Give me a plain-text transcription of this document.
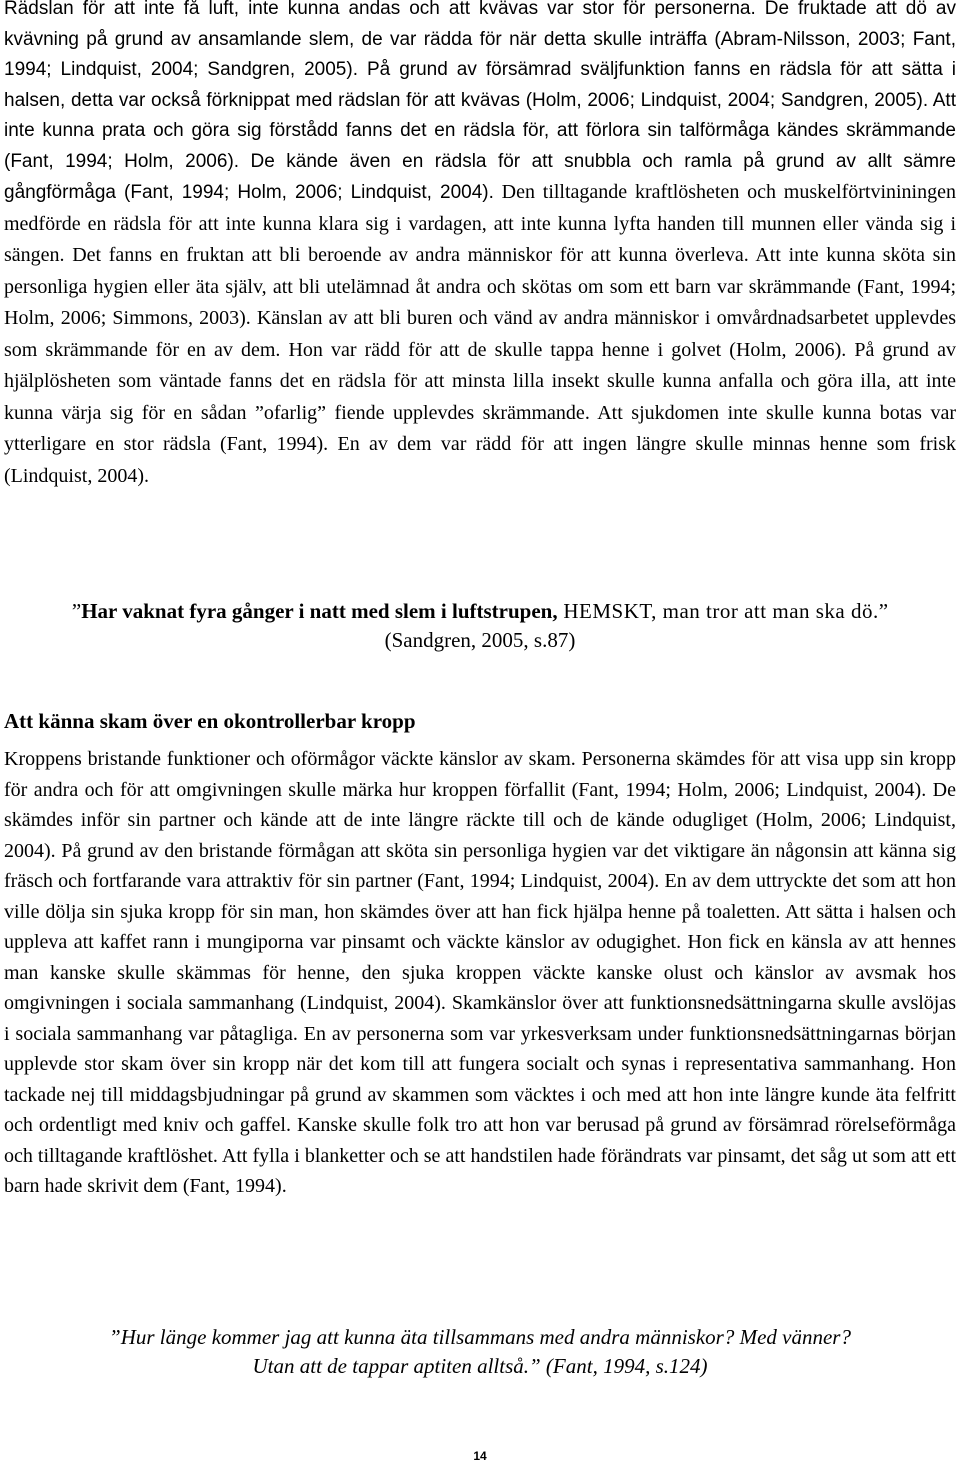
Rädslan för att inte få luft, inte kunna andas och att kvävas var stor för personerna. De fruktade att dö av kvävning på grund av ansamlande slem, de var rädda för när detta skulle inträffa (Abram-Nilsson, 2003; Fant, 1994; Lindquist, 2004; Sandgren, 2005). På grund av försämrad sväljfunktion fanns en rädsla för att sätta i halsen, detta var också förknippat med rädslan för att kvävas (Holm, 2006; Lindquist, 2004; Sandgren, 2005). Att inte kunna prata och göra sig förstådd fanns det en rädsla för, att förlora sin talförmåga kändes skrämmande (Fant, 1994; Holm, 2006). De kände även en rädsla för att snubbla och ramla på grund av allt sämre gångförmåga (Fant, 1994; Holm, 2006; Lindquist, 2004). Den tilltagande kraftlösheten och muskelförtvininingen medförde en rädsla för att inte kunna klara sig i vardagen, att inte kunna lyfta handen till munnen eller vända sig i sängen. Det fanns en fruktan att bli beroende av andra människor för att kunna överleva. Att inte kunna sköta sin personliga hygien eller äta själv, att bli utelämnad åt andra och skötas om som ett barn var skrämmande (Fant, 1994; Holm, 2006; Simmons, 2003). Känslan av att bli buren och vänd av andra människor i omvårdnadsarbetet upplevdes som skrämmande för en av dem. Hon var rädd för att de skulle tappa henne i golvet (Holm, 2006). På grund av hjälplösheten som väntade fanns det en rädsla för att minsta lilla insekt skulle kunna anfalla och göra illa, att inte kunna värja sig för en sådan ”ofarlig” fiende upplevdes skrämmande. Att sjukdomen inte skulle kunna botas var ytterligare en stor rädsla (Fant, 1994). En av dem var rädd för att ingen längre skulle minnas henne som frisk (Lindquist, 2004).

”Har vaknat fyra gånger i natt med slem i luftstrupen, HEMSKT, man tror att man ska dö.”
(Sandgren, 2005, s.87)

Att känna skam över en okontrollerbar kropp

Kroppens bristande funktioner och oförmågor väckte känslor av skam. Personerna skämdes för att visa upp sin kropp för andra och för att omgivningen skulle märka hur kroppen förfallit (Fant, 1994; Holm, 2006; Lindquist, 2004). De skämdes inför sin partner och kände att de inte längre räckte till och de kände odugliget (Holm, 2006; Lindquist, 2004). På grund av den bristande förmågan att sköta sin personliga hygien var det viktigare än någonsin att känna sig fräsch och fortfarande vara attraktiv för sin partner (Fant, 1994; Lindquist, 2004). En av dem uttryckte det som att hon ville dölja sin sjuka kropp för sin man, hon skämdes över att han fick hjälpa henne på toaletten. Att sätta i halsen och uppleva att kaffet rann i mungiporna var pinsamt och väckte känslor av odugighet. Hon fick en känsla av att hennes man kanske skulle skämmas för henne, den sjuka kroppen väckte kanske olust och känslor av avsmak hos omgivningen i sociala sammanhang (Lindquist, 2004). Skamkänslor över att funktionsnedsättningarna skulle avslöjas i sociala sammanhang var påtagliga. En av personerna som var yrkesverksam under funktionsnedsättningarnas början upplevde stor skam över sin kropp när det kom till att fungera socialt och synas i representativa sammanhang. Hon tackade nej till middagsbjudningar på grund av skammen som väcktes i och med att hon inte längre kunde äta felfritt och ordentligt med kniv och gaffel. Kanske skulle folk tro att hon var berusad på grund av försämrad rörelseförmåga och tilltagande kraftlöshet. Att fylla i blanketter och se att handstilen hade förändrats var pinsamt, det såg ut som att ett barn hade skrivit dem (Fant, 1994).

”Hur länge kommer jag att kunna äta tillsammans med andra människor? Med vänner?
Utan att de tappar aptiten alltså.” (Fant, 1994, s.124)

14
